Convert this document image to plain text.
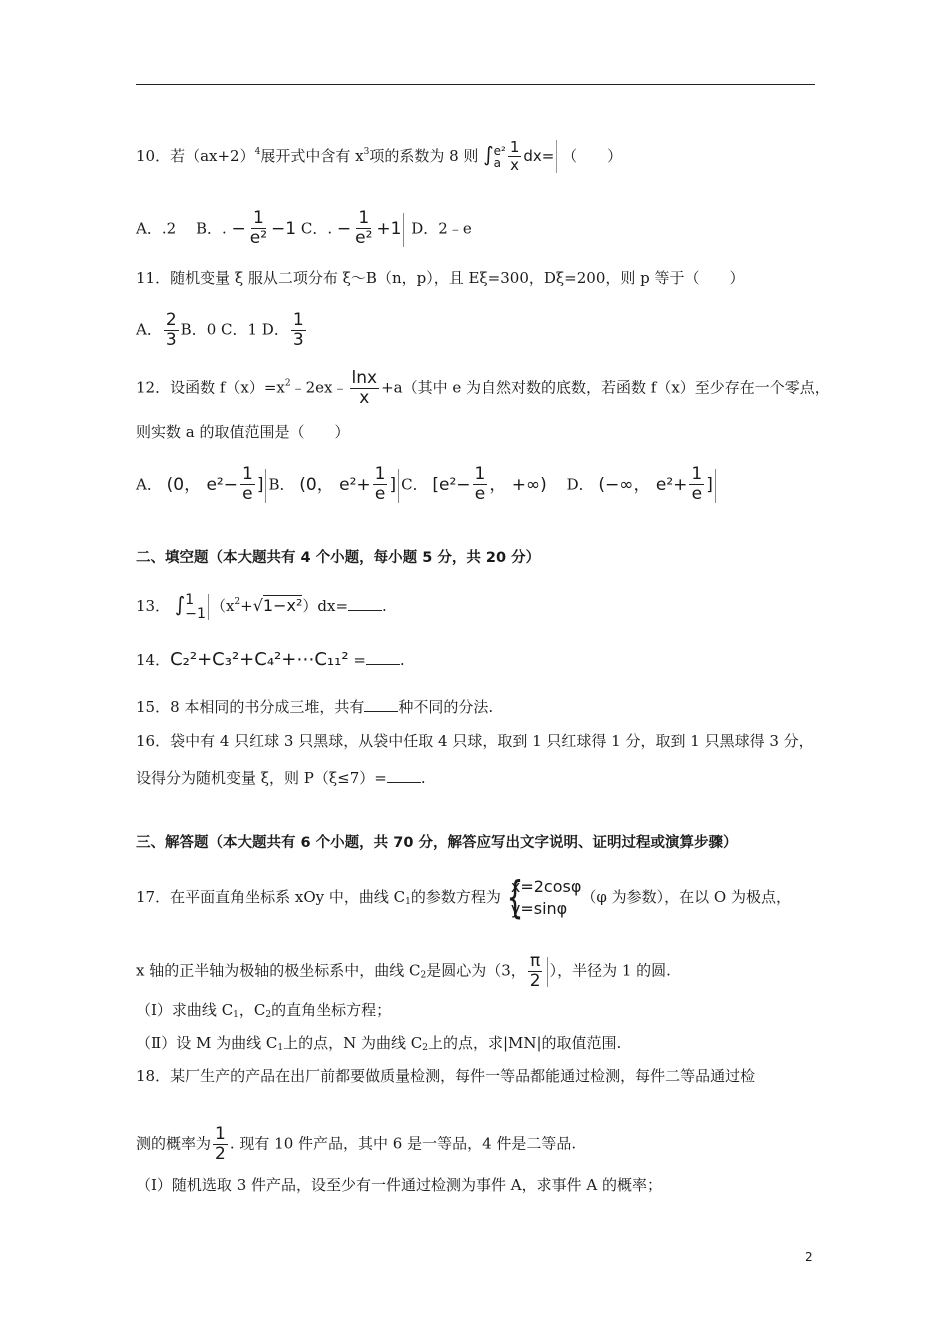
10．若$(ax+2)^4$展开式中含有 $x^3$项的系数为 8 则 ∫ e²
a $\frac{1}{x} dx=$ （　　）
A．.2　 B．. − $\frac{1}{\text{e²}} -1$ C．. − $\frac{1}{\text{e²}} +1$ D．2﹣e
11．随机变量 ξ 服从二项分布 ξ～B（n，p），且 Eξ=300，Dξ=200，则 p 等于（　　）
A． $\frac{2}{3}$ B．0 C．1 D． $\frac{1}{3}$
12．设函数 $f(x)=x^2﹣2ex﹣ \frac{\ln x}{x} +a$（其中 e 为自然对数的底数，若函数 f（x）至少存在一个零点，
则实数 a 的取值范围是（　　）
A． (0， $e^2- \frac{1}{e}$ ] B． (0， $e^2+ \frac{1}{e}$ ] C． [$e^2- \frac{1}{e}$ ， +∞) 　 D． (−∞， $e^2+ \frac{1}{e}$ ]
二、填空题（本大题共有 4 个小题，每小题 5 分，共 20 分）
13． ∫ 1
−1 $(x^2+√1-x^2)dx=$ .
14．C₂²+C₃²+C₄²+⋯C₁₁² = .
15．8 本相同的书分成三堆，共有 种不同的分法.
16．袋中有 4 只红球 3 只黑球，从袋中任取 4 只球，取到 1 只红球得 1 分，取到 1 只黑球得 3 分，
设得分为随机变量 ξ，则 P（ξ≤7）= .
三、解答题（本大题共有 6 个小题，共 70 分，解答应写出文字说明、证明过程或演算步骤）
17．在平面直角坐标系 xOy 中，曲线 $C_1$的参数方程为 {
x=2cosφ
y=sinφ
（φ 为参数），在以 O 为极点，
x 轴的正半轴为极轴的极坐标系中，曲线 $C_2$是圆心为（3， $\frac{\pi}{2}$ ），半径为 1 的圆.
（Ⅰ）求曲线 $C_1$，$C_2$的直角坐标方程；
（Ⅱ）设 M 为曲线 $C_1$上的点，N 为曲线 $C_2$上的点，求|MN|的取值范围.
18．某厂生产的产品在出厂前都要做质量检测，每件一等品都能通过检测，每件二等品通过检
测的概率为 $\frac{1}{2}$ . 现有 10 件产品，其中 6 是一等品，4 件是二等品.
（Ⅰ）随机选取 3 件产品，设至少有一件通过检测为事件 A，求事件 A 的概率；
2
